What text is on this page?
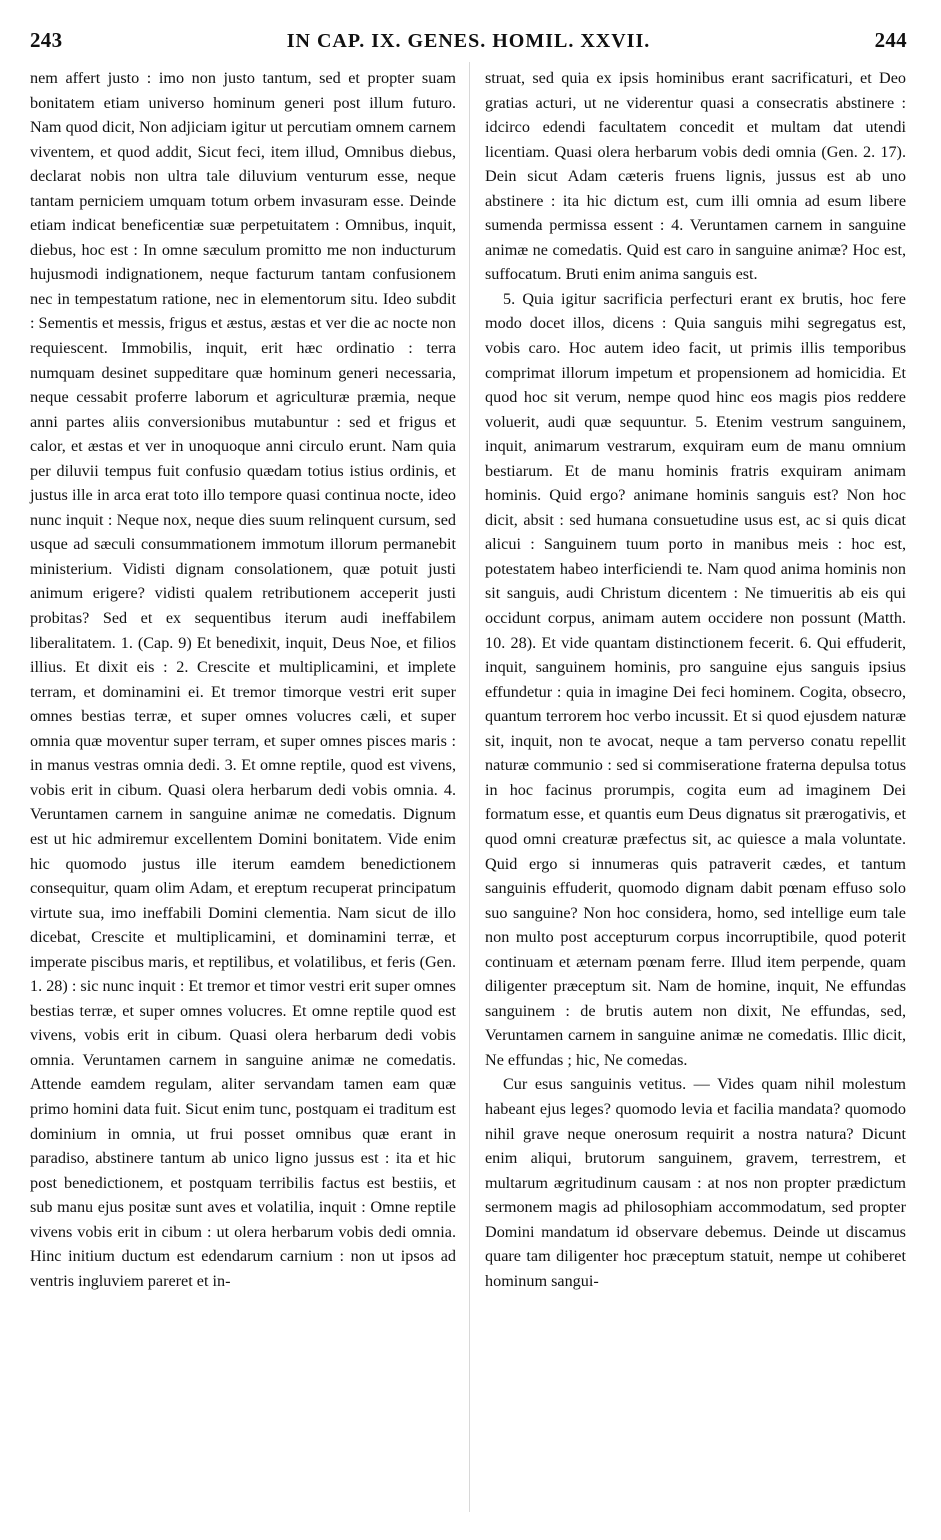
243	IN CAP. IX. GENES. HOMIL. XXVII.	244

nem affert justo : imo non justo tantum, sed et propter suam bonitatem etiam universo hominum generi post illum futuro. Nam quod dicit, Non adjiciam igitur ut percutiam omnem carnem viventem, et quod addit, Sicut feci, item illud, Omnibus diebus, declarat nobis non ultra tale diluvium venturum esse, neque tantam perniciem umquam totum orbem invasuram esse. Deinde etiam indicat beneficentiæ suæ perpetuitatem : Omnibus, inquit, diebus, hoc est : In omne sæculum promitto me non inducturum hujusmodi indignationem, neque facturum tantam confusionem nec in tempestatum ratione, nec in elementorum situ. Ideo subdit : Sementis et messis, frigus et æstus, æstas et ver die ac nocte non requiescent. Immobilis, inquit, erit hæc ordinatio : terra numquam desinet suppeditare quæ hominum generi necessaria, neque cessabit proferre laborum et agriculturæ præmia, neque anni partes aliis conversionibus mutabuntur : sed et frigus et calor, et æstas et ver in unoquoque anni circulo erunt. Nam quia per diluvii tempus fuit confusio quædam totius istius ordinis, et justus ille in arca erat toto illo tempore quasi continua nocte, ideo nunc inquit : Neque nox, neque dies suum relinquent cursum, sed usque ad sæculi consummationem immotum illorum permanebit ministerium. Vidisti dignam consolationem, quæ potuit justi animum erigere? vidisti qualem retributionem acceperit justi probitas? Sed et ex sequentibus iterum audi ineffabilem liberalitatem. 1. (Cap. 9) Et benedixit, inquit, Deus Noe, et filios illius. Et dixit eis : 2. Crescite et multiplicamini, et implete terram, et dominamini ei. Et tremor timorque vestri erit super omnes bestias terræ, et super omnes volucres cæli, et super omnia quæ moventur super terram, et super omnes pisces maris : in manus vestras omnia dedi. 3. Et omne reptile, quod est vivens, vobis erit in cibum. Quasi olera herbarum dedi vobis omnia. 4. Veruntamen carnem in sanguine animæ ne comedatis. Dignum est ut hic admiremur excellentem Domini bonitatem. Vide enim hic quomodo justus ille iterum eamdem benedictionem consequitur, quam olim Adam, et ereptum recuperat principatum virtute sua, imo ineffabili Domini clementia. Nam sicut de illo dicebat, Crescite et multiplicamini, et dominamini terræ, et imperate piscibus maris, et reptilibus, et volatilibus, et feris (Gen. 1. 28) : sic nunc inquit : Et tremor et timor vestri erit super omnes bestias terræ, et super omnes volucres. Et omne reptile quod est vivens, vobis erit in cibum. Quasi olera herbarum dedi vobis omnia. Veruntamen carnem in sanguine animæ ne comedatis. Attende eamdem regulam, aliter servandam tamen eam quæ primo homini data fuit. Sicut enim tunc, postquam ei traditum est dominium in omnia, ut frui posset omnibus quæ erant in paradiso, abstinere tantum ab unico ligno jussus est : ita et hic post benedictionem, et postquam terribilis factus est bestiis, et sub manu ejus positæ sunt aves et volatilia, inquit : Omne reptile vivens vobis erit in cibum : ut olera herbarum vobis dedi omnia. Hinc initium ductum est edendarum carnium : non ut ipsos ad ventris ingluviem pareret et in-

struat, sed quia ex ipsis hominibus erant sacrificaturi, et Deo gratias acturi, ut ne viderentur quasi a consecratis abstinere : idcirco edendi facultatem concedit et multam dat utendi licentiam. Quasi olera herbarum vobis dedi omnia (Gen. 2. 17). Dein sicut Adam cæteris fruens lignis, jussus est ab uno abstinere : ita hic dictum est, cum illi omnia ad esum libere sumenda permissa essent : 4. Veruntamen carnem in sanguine animæ ne comedatis. Quid est caro in sanguine animæ? Hoc est, suffocatum. Bruti enim anima sanguis est.

5. Quia igitur sacrificia perfecturi erant ex brutis, hoc fere modo docet illos, dicens : Quia sanguis mihi segregatus est, vobis caro. Hoc autem ideo facit, ut primis illis temporibus comprimat illorum impetum et propensionem ad homicidia. Et quod hoc sit verum, nempe quod hinc eos magis pios reddere voluerit, audi quæ sequuntur. 5. Etenim vestrum sanguinem, inquit, animarum vestrarum, exquiram eum de manu omnium bestiarum. Et de manu hominis fratris exquiram animam hominis. Quid ergo? animane hominis sanguis est? Non hoc dicit, absit : sed humana consuetudine usus est, ac si quis dicat alicui : Sanguinem tuum porto in manibus meis : hoc est, potestatem habeo interficiendi te. Nam quod anima hominis non sit sanguis, audi Christum dicentem : Ne timueritis ab eis qui occidunt corpus, animam autem occidere non possunt (Matth. 10. 28). Et vide quantam distinctionem fecerit. 6. Qui effuderit, inquit, sanguinem hominis, pro sanguine ejus sanguis ipsius effundetur : quia in imagine Dei feci hominem. Cogita, obsecro, quantum terrorem hoc verbo incussit. Et si quod ejusdem naturæ sit, inquit, non te avocat, neque a tam perverso conatu repellit naturæ communio : sed si commiseratione fraterna depulsa totus in hoc facinus prorumpis, cogita eum ad imaginem Dei formatum esse, et quantis eum Deus dignatus sit prærogativis, et quod omni creaturæ præfectus sit, ac quiesce a mala voluntate. Quid ergo si innumeras quis patraverit cædes, et tantum sanguinis effuderit, quomodo dignam dabit pœnam effuso solo suo sanguine? Non hoc considera, homo, sed intellige eum tale non multo post accepturum corpus incorruptibile, quod poterit continuam et æternam pœnam ferre. Illud item perpende, quam diligenter præceptum sit. Nam de homine, inquit, Ne effundas sanguinem : de brutis autem non dixit, Ne effundas, sed, Veruntamen carnem in sanguine animæ ne comedatis. Illic dicit, Ne effundas ; hic, Ne comedas.

Cur esus sanguinis vetitus. — Vides quam nihil molestum habeant ejus leges? quomodo levia et facilia mandata? quomodo nihil grave neque onerosum requirit a nostra natura? Dicunt enim aliqui, brutorum sanguinem, gravem, terrestrem, et multarum ægritudinum causam : at nos non propter prædictum sermonem magis ad philosophiam accommodatum, sed propter Domini mandatum id observare debemus. Deinde ut discamus quare tam diligenter hoc præceptum statuit, nempe ut cohiberet hominum sangui-
